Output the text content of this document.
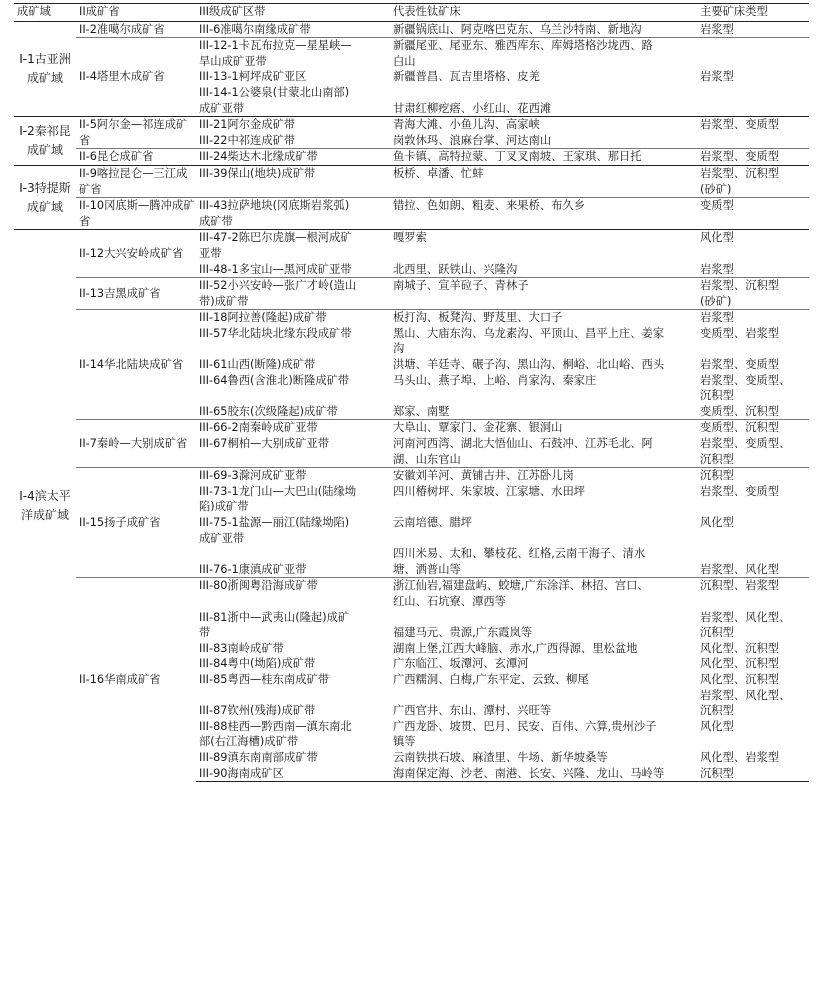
成矿域	II成矿省	III级成矿区带	代表性钛矿床	主要矿床类型
I-1古亚洲成矿域	II-2准噶尔成矿省	III-6准噶尔南缘成矿带	新疆锅底山、阿克喀巴克东、乌兰沙特南、新地沟	岩浆型
	II-4塔里木成矿省	III-12-1卡瓦布拉克—星星峡—	新疆尾亚、尾亚东、雅西库东、库姆塔格沙垅西、路	
		旱山成矿亚带	白山	
		III-13-1柯坪成矿亚区	新疆普昌、瓦吉里塔格、皮羌	岩浆型
		III-14-1公婆泉(甘蒙北山南部)		
		成矿亚带	甘肃红柳疙瘩、小红山、花西滩	
I-2秦祁昆成矿域	II-5阿尔金—祁连成矿省	III-21阿尔金成矿带	青海大滩、小鱼儿沟、高家峡	岩浆型、变质型
		III-22中祁连成矿带	岗敦休玛、浪麻台掌、河达南山	
	II-6昆仑成矿省	III-24柴达木北缘成矿带	鱼卡镇、高特拉蒙、丁叉叉南坡、王家琪、那日托	岩浆型、变质型
I-3特提斯成矿域	II-9喀拉昆仑—三江成矿省	III-39保山(地块)成矿带	板桥、卓潘、忙蚌	岩浆型、沉积型
				(砂矿)
	II-10冈底斯—腾冲成矿省	III-43拉萨地块(冈底斯岩浆弧)	错拉、色如朗、粗麦、来果桥、布久乡	变质型
		成矿带		
I-4滨太平洋成矿域	II-12大兴安岭成矿省	III-47-2陈巴尔虎旗—根河成矿	嘎罗索	风化型
		亚带		
		III-48-1多宝山—黑河成矿亚带	北西里、跃铁山、兴隆沟	岩浆型

	II-13吉黑成矿省	III-52小兴安岭—张广才岭(造山	南城子、宣羊砬子、青林子	岩浆型、沉积型
		带)成矿带		(砂矿)
	II-14华北陆块成矿省	III-18阿拉善(隆起)成矿带	板打沟、板凳沟、野芨里、大口子	岩浆型
		III-57华北陆块北缘东段成矿带	黑山、大庙东沟、乌龙素沟、平顶山、昌平上庄、姜家	变质型、岩浆型
			沟	
		III-61山西(断隆)成矿带	洪塘、羊廷寺、碾子沟、黑山沟、桐峪、北山峪、西头	岩浆型、变质型
		III-64鲁西(含淮北)断隆成矿带	马头山、燕子埠、上峪、肖家沟、秦家庄	岩浆型、变质型、
				沉积型
		III-65胶东(次级隆起)成矿带	郑家、南墅	变质型、沉积型

	II-7秦岭—大别成矿省	III-66-2南秦岭成矿亚带	大阜山、覃家门、金花寨、银洞山	变质型、沉积型
		III-67桐柏—大别成矿亚带	河南河西湾、湖北大悟仙山、石鼓冲、江苏毛北、阿	岩浆型、变质型、
			湖、山东官山	沉积型

	II-15扬子成矿省	III-69-3滁河成矿亚带	安徽刘羊河、黄铺古井、江苏卧儿岗	沉积型
		III-73-1龙门山—大巴山(陆缘坳	四川椿树坪、朱家坡、江家塘、水田坪	岩浆型、变质型
		陷)成矿带		
		III-75-1盐源—丽江(陆缘坳陷)	云南培德、腊坪	风化型
		成矿亚带		
			四川米易、太和、攀枝花、红格,云南干海子、清水	
		III-76-1康滇成矿亚带	塘、洒普山等	岩浆型、风化型

	II-16华南成矿省	III-80浙闽粤沿海成矿带	浙江仙岩,福建盘屿、蛟塘,广东涂洋、林招、宫口、	沉积型、岩浆型
			红山、石坑寮、潭西等	
		III-81浙中—武夷山(隆起)成矿		岩浆型、风化型、
		带	福建马元、贵源,广东霞岚等	沉积型
		III-83南岭成矿带	湖南上堡,江西大峰脑、赤水,广西得源、里松盆地	风化型、沉积型
		III-84粤中(坳陷)成矿带	广东临江、坂潭河、玄潭河	风化型、沉积型
		III-85粤西—桂东南成矿带	广西糯洞、白梅,广东平定、云致、柳尾	风化型、沉积型
				岩浆型、风化型、
		III-87钦州(残海)成矿带	广西官井、东山、潭村、兴旺等	沉积型

		III-88桂西—黔西南—滇东南北	广西龙卧、坡贯、巴月、民安、百伟、六算,贵州沙子	风化型
		部(右江海槽)成矿带	镇等	
		III-89滇东南南部成矿带	云南铁拱石坡、麻渣里、牛场、新华坡桑等	风化型、岩浆型
		III-90海南成矿区	海南保定海、沙老、南港、长安、兴隆、龙山、马岭等	沉积型
